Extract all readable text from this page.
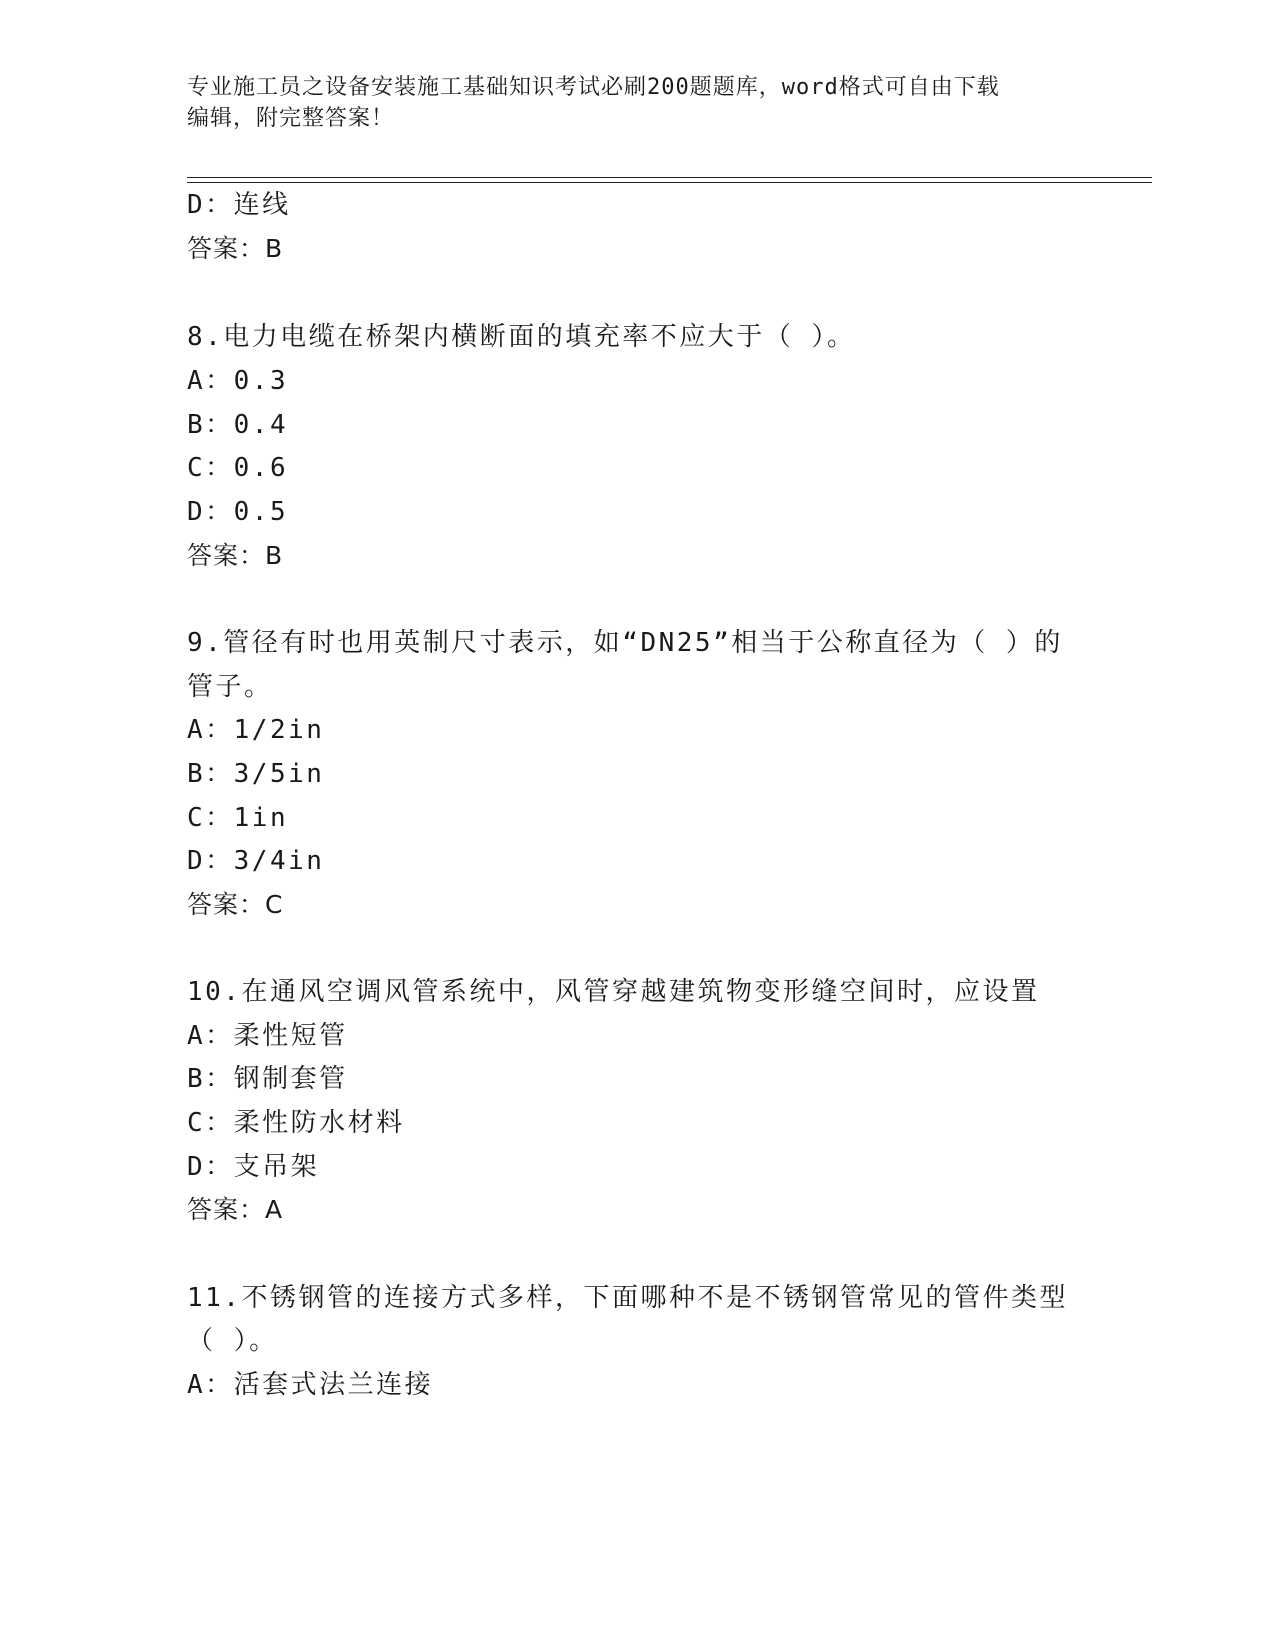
专业施工员之设备安装施工基础知识考试必刷200题题库，word格式可自由下载
编辑，附完整答案！
D：连线
答案：B
8.电力电缆在桥架内横断面的填充率不应大于（ ）。
A：0.3
B：0.4
C：0.6
D：0.5
答案：B
9.管径有时也用英制尺寸表示，如“DN25”相当于公称直径为（ ）的
管子。
A：1/2in
B：3/5in
C：1in
D：3/4in
答案：C
10.在通风空调风管系统中，风管穿越建筑物变形缝空间时，应设置
A：柔性短管
B：钢制套管
C：柔性防水材料
D：支吊架
答案：A
11.不锈钢管的连接方式多样，下面哪种不是不锈钢管常见的管件类型
（ ）。
A：活套式法兰连接
